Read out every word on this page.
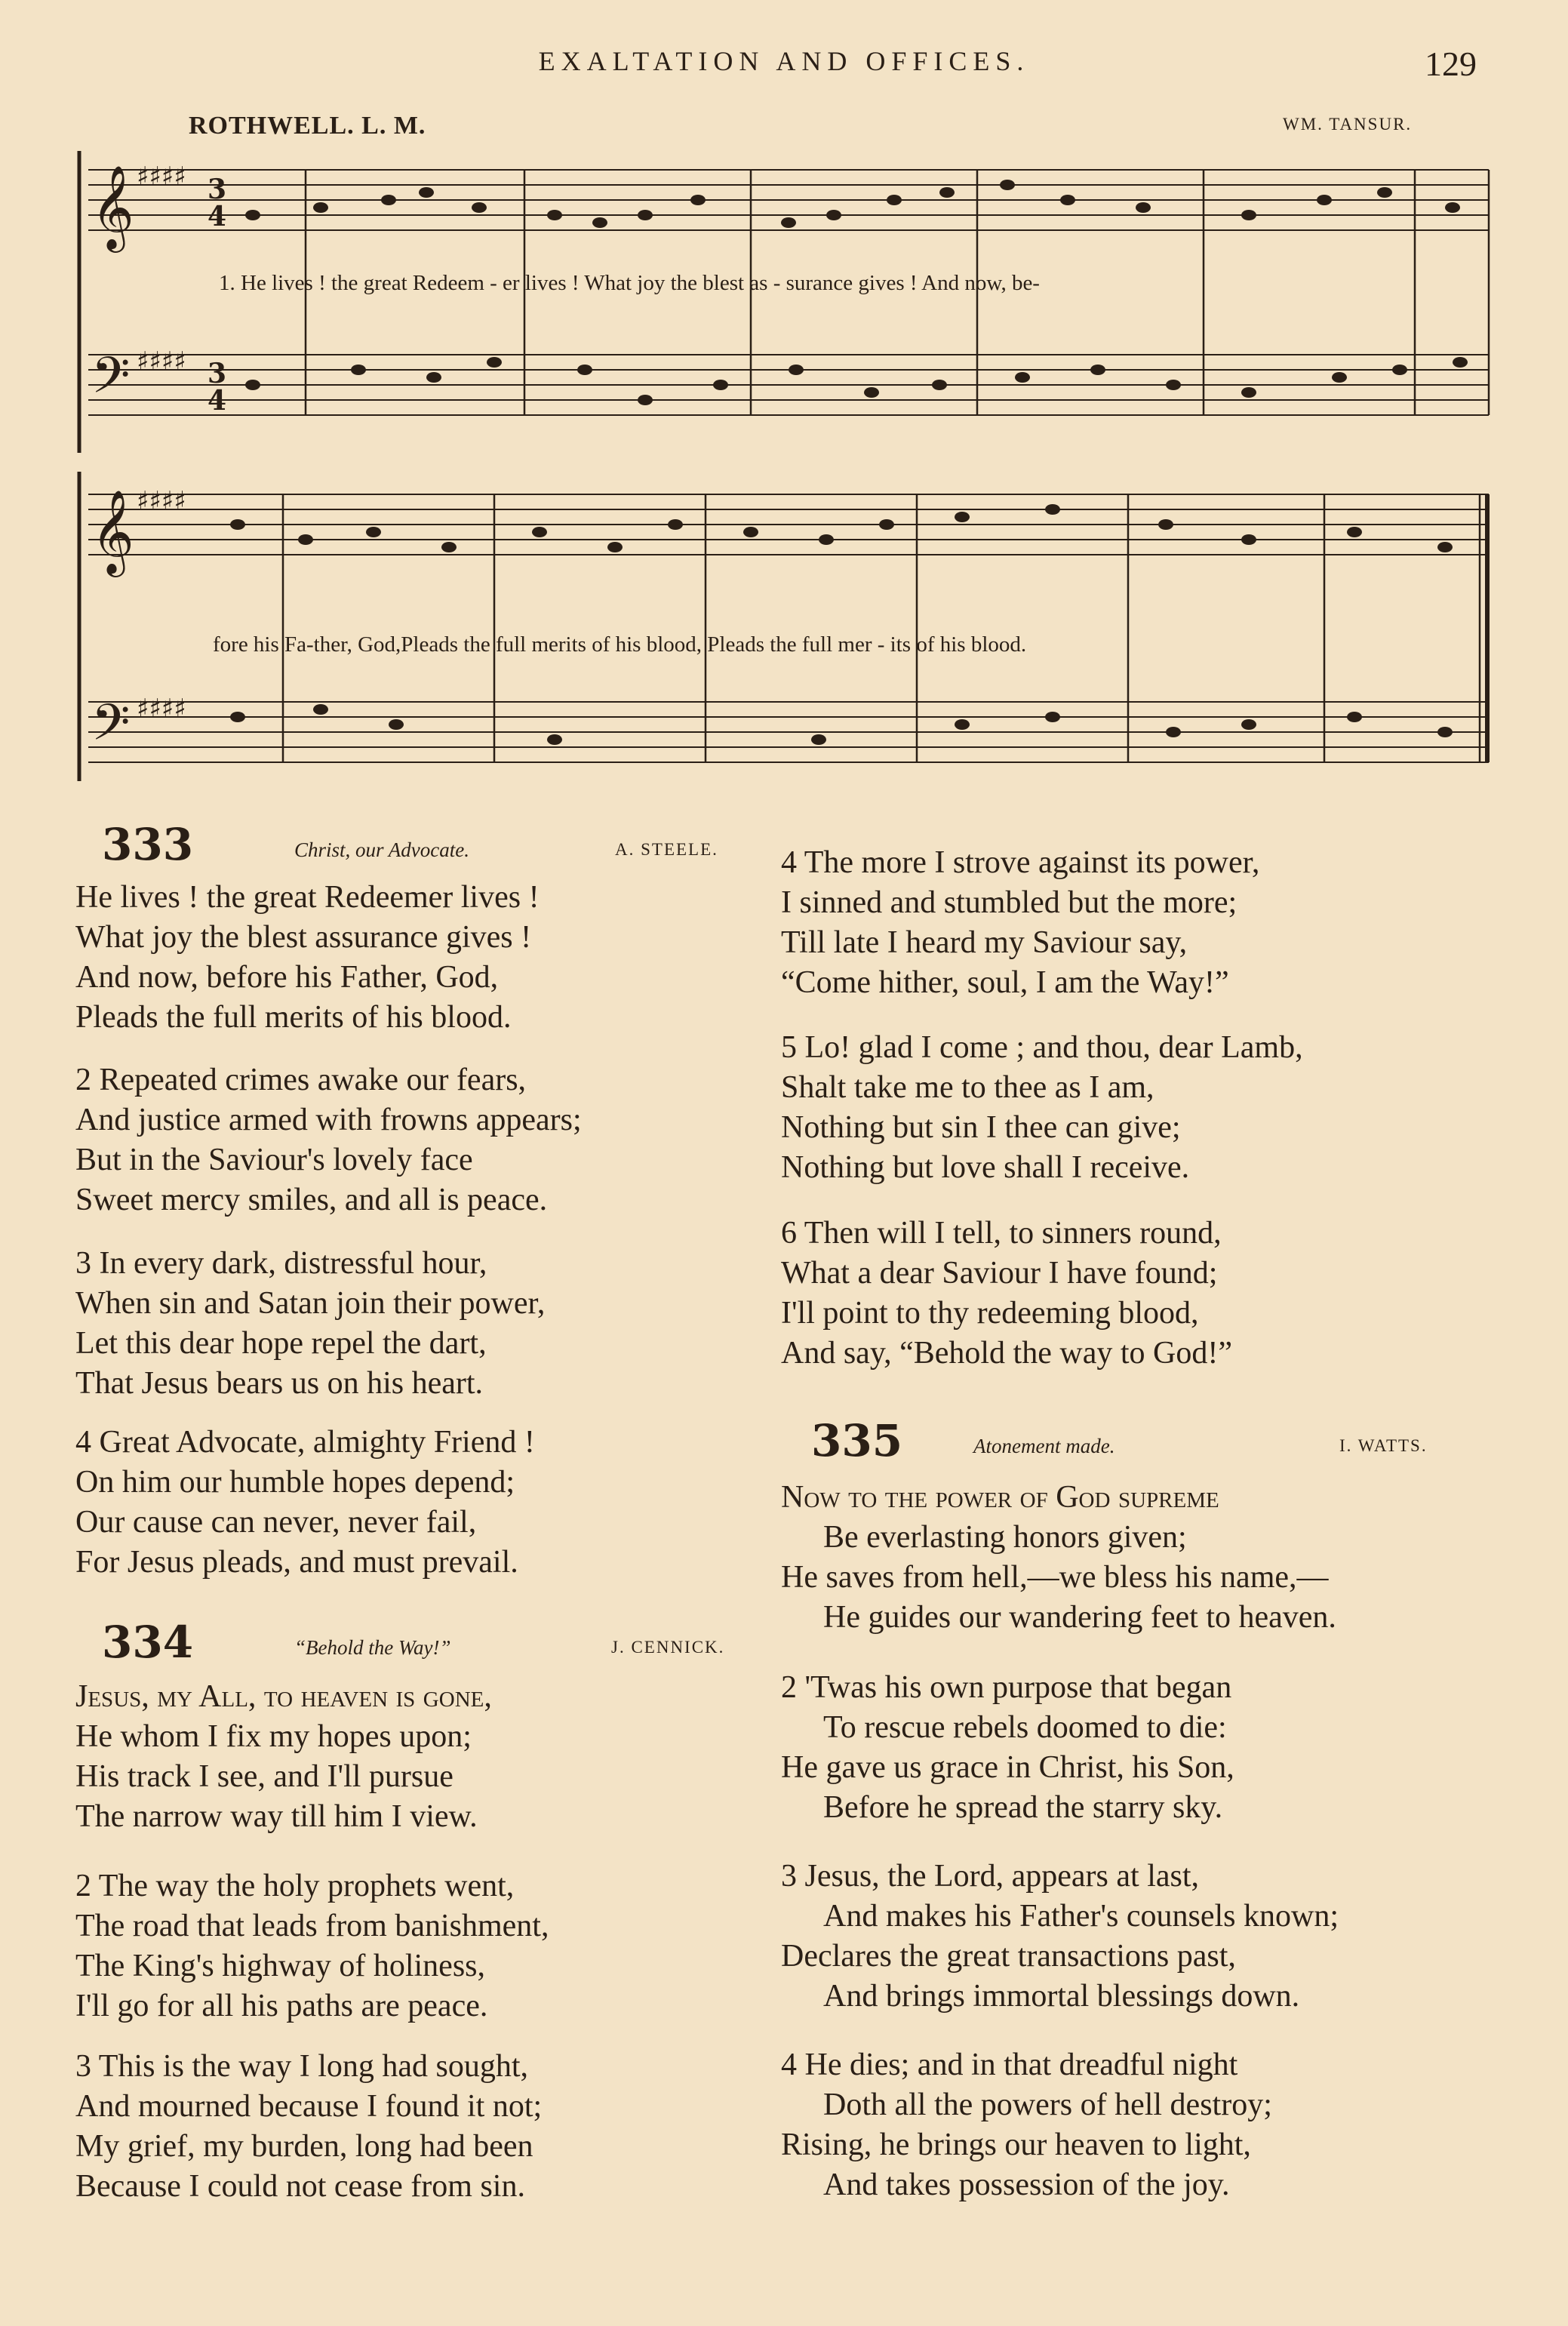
EXALTATION AND OFFICES.	129
ROTHWELL. L. M.	WM. TANSUR.
𝄞
𝄢
𝄞
𝄢
♯♯♯♯
♯♯♯♯
♯♯♯♯
♯♯♯♯
3
4
3
4
1. He lives ! the great Redeem - er lives ! What joy the blest as - surance gives ! And now, be-
fore his Fa-ther, God,Pleads the full merits of his blood, Pleads the full mer - its of his blood.
333	Christ, our Advocate.	A. STEELE.
He lives ! the great Redeemer lives !
What joy the blest assurance gives !
And now, before his Father, God,
Pleads the full merits of his blood.
2 Repeated crimes awake our fears,
And justice armed with frowns appears;
But in the Saviour's lovely face
Sweet mercy smiles, and all is peace.
3 In every dark, distressful hour,
When sin and Satan join their power,
Let this dear hope repel the dart,
That Jesus bears us on his heart.
4 Great Advocate, almighty Friend !
On him our humble hopes depend;
Our cause can never, never fail,
For Jesus pleads, and must prevail.
334	“Behold the Way!”	J. CENNICK.
Jesus, my All, to heaven is gone,
He whom I fix my hopes upon;
His track I see, and I'll pursue
The narrow way till him I view.
2 The way the holy prophets went,
The road that leads from banishment,
The King's highway of holiness,
I'll go for all his paths are peace.
3 This is the way I long had sought,
And mourned because I found it not;
My grief, my burden, long had been
Because I could not cease from sin.
4 The more I strove against its power,
I sinned and stumbled but the more;
Till late I heard my Saviour say,
“Come hither, soul, I am the Way!”
5 Lo! glad I come ; and thou, dear Lamb,
Shalt take me to thee as I am,
Nothing but sin I thee can give;
Nothing but love shall I receive.
6 Then will I tell, to sinners round,
What a dear Saviour I have found;
I'll point to thy redeeming blood,
And say, “Behold the way to God!”
335	Atonement made.	I. WATTS.
Now to the power of God supreme
Be everlasting honors given;
He saves from hell,—we bless his name,—
He guides our wandering feet to heaven.
2 'Twas his own purpose that began
To rescue rebels doomed to die:
He gave us grace in Christ, his Son,
Before he spread the starry sky.
3 Jesus, the Lord, appears at last,
And makes his Father's counsels known;
Declares the great transactions past,
And brings immortal blessings down.
4 He dies; and in that dreadful night
Doth all the powers of hell destroy;
Rising, he brings our heaven to light,
And takes possession of the joy.
